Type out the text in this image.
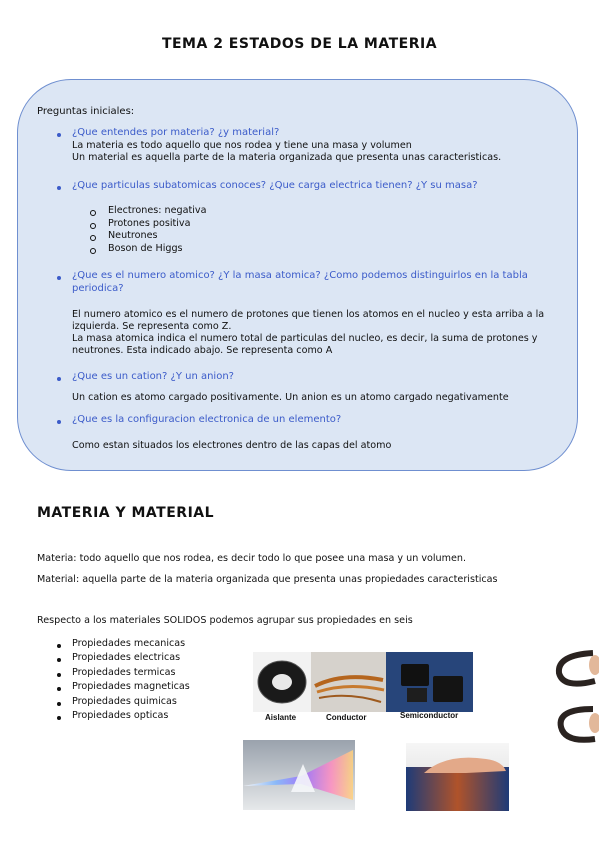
TEMA 2 ESTADOS DE LA MATERIA
Preguntas iniciales:
¿Que entendes por materia? ¿y material?
La materia es todo aquello que nos rodea y tiene una masa y volumen
Un material es aquella parte de la materia organizada que presenta unas caracteristicas.
¿Que particulas subatomicas conoces? ¿Que carga electrica tienen? ¿Y su masa?
Electrones: negativa
Protones positiva
Neutrones
Boson de Higgs
¿Que es el numero atomico? ¿Y la masa atomica? ¿Como podemos distinguirlos en la tabla
periodica?
El numero atomico es el numero de protones que tienen los atomos en el nucleo y esta arriba a la
izquierda. Se representa como Z.
La masa atomica indica el numero total de particulas del nucleo, es decir, la suma de protones y
neutrones. Esta indicado abajo. Se representa como A
¿Que es un cation? ¿Y un anion?
Un cation es atomo cargado positivamente. Un anion es un atomo cargado negativamente
¿Que es la configuracion electronica de un elemento?
Como estan situados los electrones dentro de las capas del atomo
MATERIA Y MATERIAL
Materia: todo aquello que nos rodea, es decir todo lo que posee una masa y un volumen.
Material: aquella parte de la materia organizada que presenta unas propiedades caracteristicas
Respecto a los materiales SOLIDOS podemos agrupar sus propiedades en seis
Propiedades mecanicas
Propiedades electricas
Propiedades termicas
Propiedades magneticas
Propiedades quimicas
Propiedades opticas	Aislante	Conductor	Semiconductor
